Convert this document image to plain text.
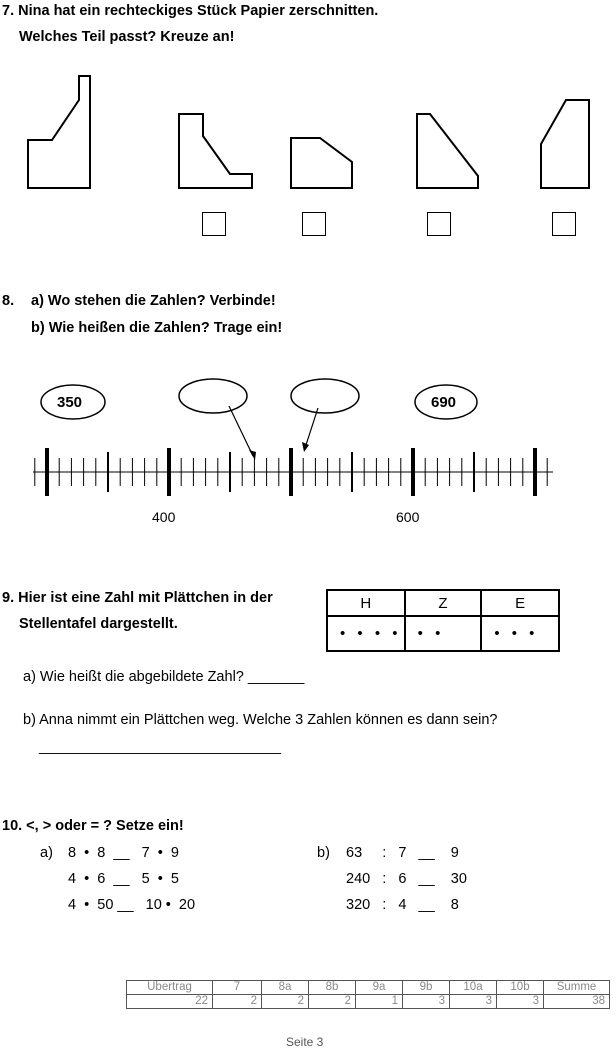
7. Nina hat ein rechteckiges Stück Papier zerschnitten.
Welches Teil passt? Kreuze an!
8. a) Wo stehen die Zahlen? Verbinde!
b) Wie heißen die Zahlen? Trage ein!
350	690
400	600
9. Hier ist eine Zahl mit Plättchen in der
Stellentafel dargestellt.
H	Z	E
• • • •	• •	• • •
a) Wie heißt die abgebildete Zahl? _______
b) Anna nimmt ein Plättchen weg. Welche 3 Zahlen können es dann sein?
______________________________
10. <, > oder = ? Setze ein!
a) 8  •  8  __   7  •  9
4  •  6  __   5  •  5
4  •  50 __   10 •  20
b) 63     :   7   __    9
240   :   6   __    30
320   :   4   __    8
Übertrag	7	8a	8b	9a	9b	10a	10b	Summe
22	2	2	2	1	3	3	3	38
Seite 3
